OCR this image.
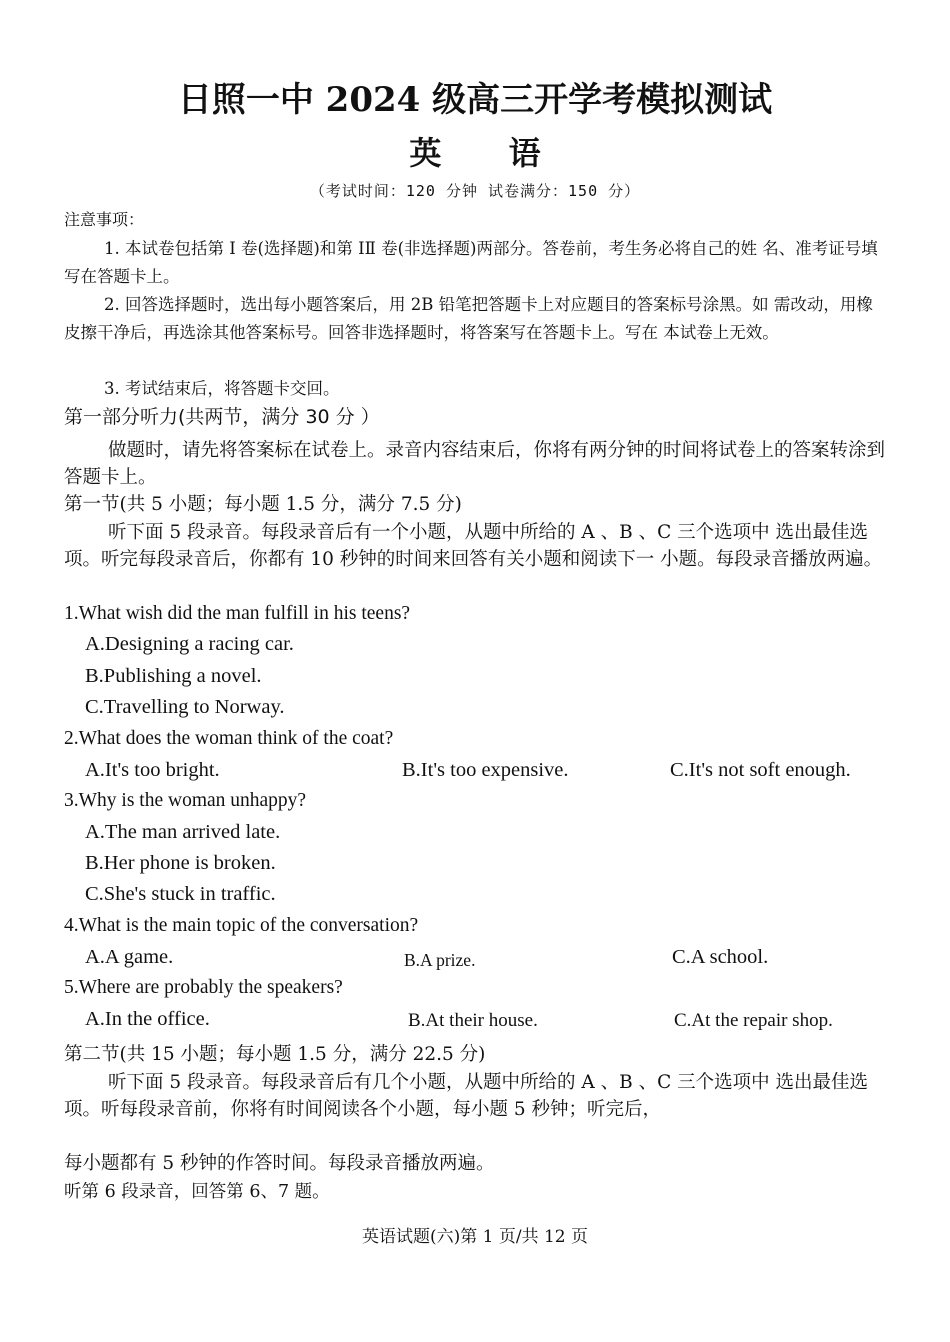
日照一中 2024 级高三开学考模拟测试
英 语
（考试时间：120 分钟 试卷满分：150 分）
注意事项：
1. 本试卷包括第 I 卷(选择题)和第 IⅡ 卷(非选择题)两部分。答卷前，考生务必将自己的姓 名、准考证号填写在答题卡上。
2. 回答选择题时，选出每小题答案后，用 2B 铅笔把答题卡上对应题目的答案标号涂黑。如 需改动，用橡皮擦干净后，再选涂其他答案标号。回答非选择题时，将答案写在答题卡上。写在 本试卷上无效。
3. 考试结束后，将答题卡交回。
第一部分听力(共两节，满分 30 分 ）
做题时，请先将答案标在试卷上。录音内容结束后，你将有两分钟的时间将试卷上的答案转涂到答题卡上。
第一节(共 5 小题；每小题 1.5 分，满分 7.5 分)
听下面 5 段录音。每段录音后有一个小题，从题中所给的 A 、B 、C 三个选项中 选出最佳选项。听完每段录音后，你都有 10 秒钟的时间来回答有关小题和阅读下一 小题。每段录音播放两遍。
1.What wish did the man fulfill in his teens?
A.Designing a racing car.
B.Publishing a novel.
C.Travelling to Norway.
2.What does the woman think of the coat?
A.It's too bright.	B.It's too expensive.	C.It's not soft enough.
3.Why is the woman unhappy?
A.The man arrived late.
B.Her phone is broken.
C.She's stuck in traffic.
4.What is the main topic of the conversation?
A.A game.	B.A prize.	C.A school.
5.Where are probably the speakers?
A.In the office.	B.At their house.	C.At the repair shop.
第二节(共 15 小题；每小题 1.5 分，满分 22.5 分)
听下面 5 段录音。每段录音后有几个小题，从题中所给的 A 、B 、C 三个选项中 选出最佳选项。听每段录音前，你将有时间阅读各个小题，每小题 5 秒钟；听完后，
每小题都有 5 秒钟的作答时间。每段录音播放两遍。
听第 6 段录音，回答第 6、7 题。
英语试题(六)第 1 页/共 12 页
